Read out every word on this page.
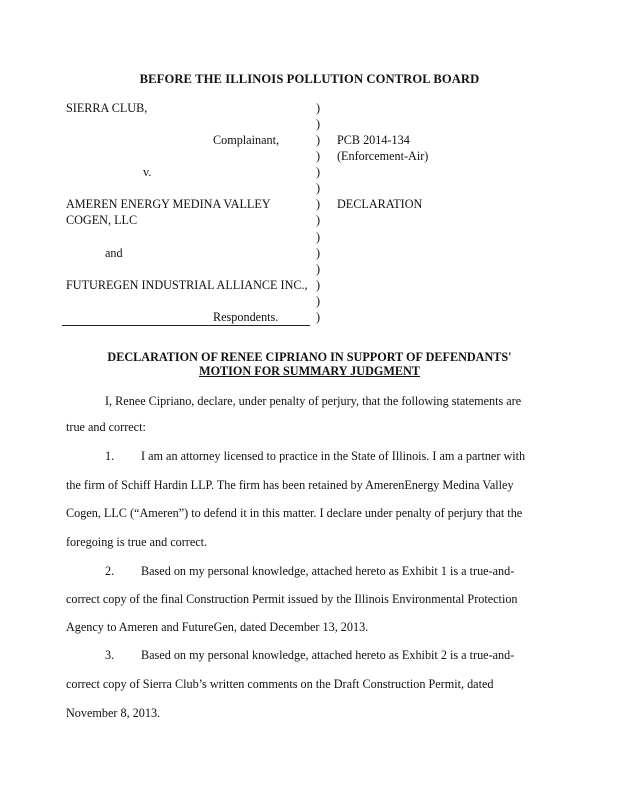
BEFORE THE ILLINOIS POLLUTION CONTROL BOARD
SIERRA CLUB,
Complainant,
v.
AMEREN ENERGY MEDINA VALLEY
COGEN, LLC
and
FUTUREGEN INDUSTRIAL ALLIANCE INC.,
Respondents.
)
)
)
)
)
)
)
)
)
)
)
)
)
)
PCB 2014-134
(Enforcement-Air)
DECLARATION
DECLARATION OF RENEE CIPRIANO IN SUPPORT OF DEFENDANTS'
MOTION FOR SUMMARY JUDGMENT
I, Renee Cipriano, declare, under penalty of perjury, that the following statements are
true and correct:
1. I am an attorney licensed to practice in the State of Illinois. I am a partner with
the firm of Schiff Hardin LLP. The firm has been retained by AmerenEnergy Medina Valley
Cogen, LLC (“Ameren”) to defend it in this matter. I declare under penalty of perjury that the
foregoing is true and correct.
2. Based on my personal knowledge, attached hereto as Exhibit 1 is a true-and-
correct copy of the final Construction Permit issued by the Illinois Environmental Protection
Agency to Ameren and FutureGen, dated December 13, 2013.
3. Based on my personal knowledge, attached hereto as Exhibit 2 is a true-and-
correct copy of Sierra Club’s written comments on the Draft Construction Permit, dated
November 8, 2013.
